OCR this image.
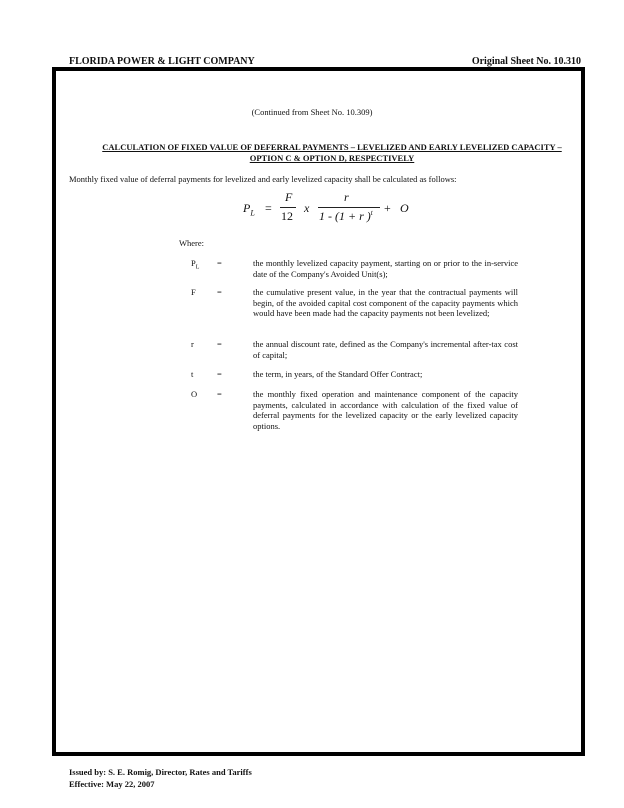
FLORIDA POWER & LIGHT COMPANY	Original Sheet No. 10.310
(Continued from Sheet No. 10.309)
CALCULATION OF FIXED VALUE OF DEFERRAL PAYMENTS – LEVELIZED AND EARLY LEVELIZED CAPACITY –
OPTION C & OPTION D, RESPECTIVELY
Monthly fixed value of deferral payments for levelized and early levelized capacity shall be calculated as follows:
$P_L$ =
F
12
x
r
1 - (1 + r )$^t$ + O
Where:
$P_L$ =	the monthly levelized capacity payment, starting on or prior to the in-service date of the Company's Avoided Unit(s);
F	=	the cumulative present value, in the year that the contractual payments will begin, of the avoided capital cost component of the capacity payments which would have been made had the capacity payments not been levelized;
r	=	the annual discount rate, defined as the Company's incremental after-tax cost of capital;
t	=	the term, in years, of the Standard Offer Contract;
O =	the monthly fixed operation and maintenance component of the capacity payments, calculated in accordance with calculation of the fixed value of deferral payments for the levelized capacity or the early levelized capacity options.
Issued by: S. E. Romig, Director, Rates and Tariffs
Effective: May 22, 2007
